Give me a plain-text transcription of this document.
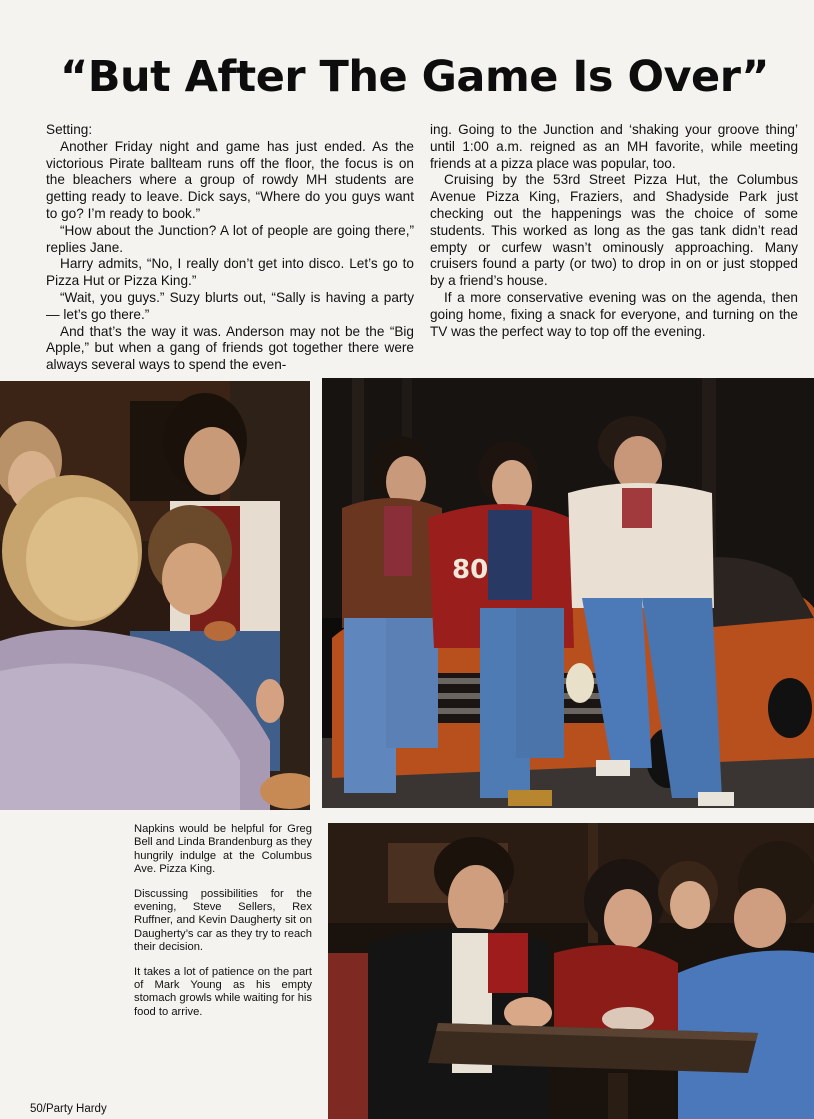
“But After The Game Is Over”

Setting:

Another Friday night and game has just ended. As the victorious Pirate ballteam runs off the floor, the focus is on the bleachers where a group of rowdy MH students are getting ready to leave. Dick says, “Where do you guys want to go? I’m ready to book.”

“How about the Junction? A lot of people are going there,” replies Jane.

Harry admits, “No, I really don’t get into disco. Let’s go to Pizza Hut or Pizza King.”

“Wait, you guys.” Suzy blurts out, “Sally is having a party — let’s go there.”

And that’s the way it was. Anderson may not be the “Big Apple,” but when a gang of friends got together there were always several ways to spend the even-

ing. Going to the Junction and ‘shaking your groove thing’ until 1:00 a.m. reigned as an MH favorite, while meeting friends at a pizza place was popular, too.

Cruising by the 53rd Street Pizza Hut, the Columbus Avenue Pizza King, Fraziers, and Shadyside Park just checking out the happenings was the choice of some students. This worked as long as the gas tank didn’t read empty or curfew wasn’t ominously approaching. Many cruisers found a party (or two) to drop in on or just stopped by a friend’s house.

If a more conservative evening was on the agenda, then going home, fixing a snack for everyone, and turning on the TV was the perfect way to top off the evening.

80

Napkins would be helpful for Greg Bell and Linda Brandenburg as they hungrily indulge at the Columbus Ave. Pizza King.

Discussing possibilities for the evening, Steve Sellers, Rex Ruffner, and Kevin Daugherty sit on Daugherty’s car as they try to reach their decision.

It takes a lot of patience on the part of Mark Young as his empty stomach growls while waiting for his food to arrive.

50/Party Hardy
